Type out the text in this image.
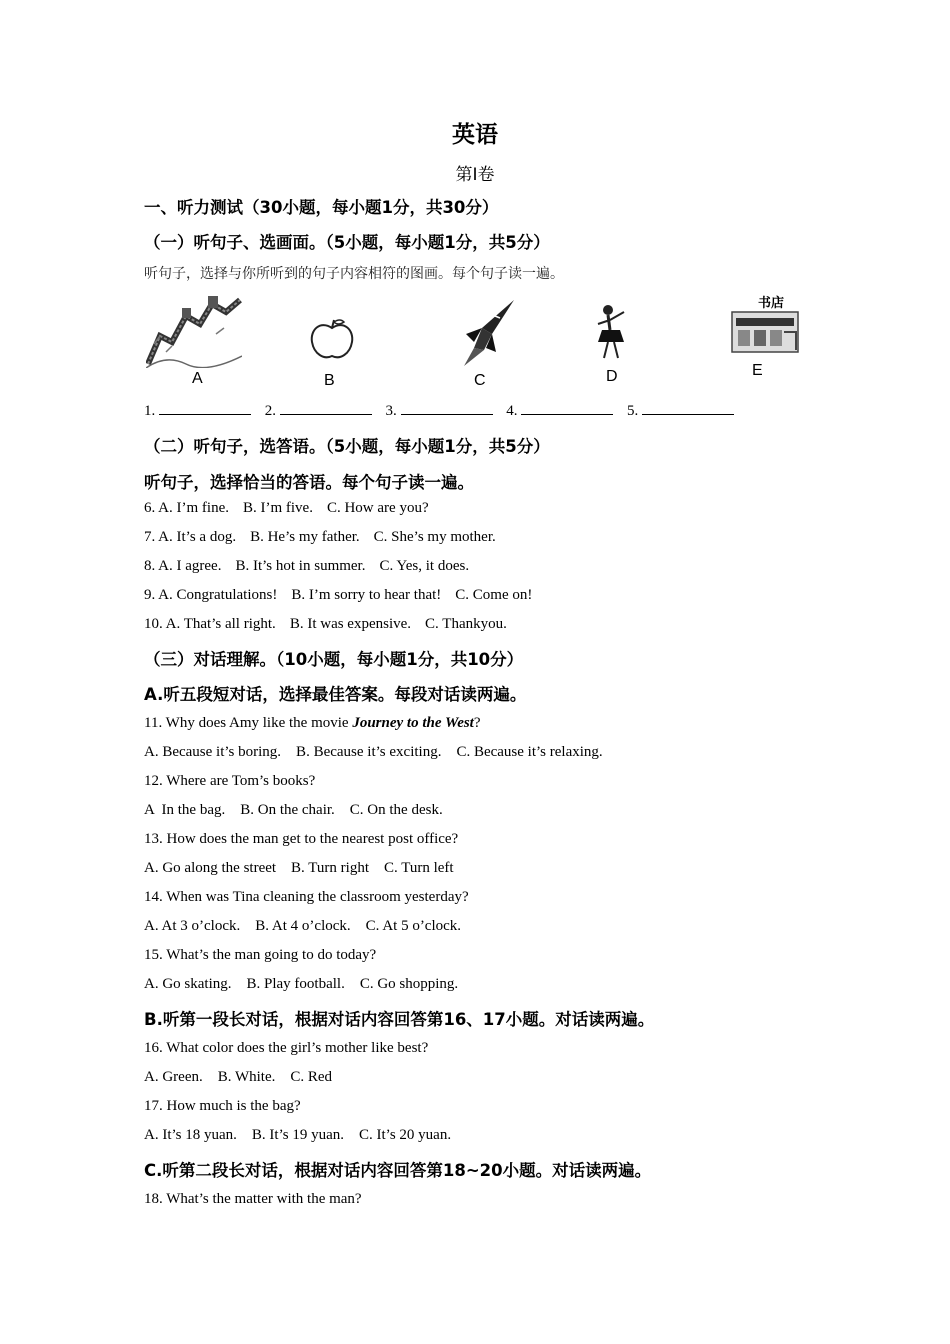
英语
第Ⅰ卷
一、听力测试（30小题，每小题1分，共30分）
（一）听句子、选画面。（5小题，每小题1分，共5分）
听句子，选择与你所听到的句子内容相符的图画。每个句子读一遍。
A	B	C	D
书店
E
1.	2.	3.	4.	5.
（二）听句子，选答语。（5小题，每小题1分，共5分）
听句子，选择恰当的答语。每个句子读一遍。
6. A. I’m fine. B. I’m five. C. How are you?
7. A. It’s a dog. B. He’s my father. C. She’s my mother.
8. A. I agree. B. It’s hot in summer. C. Yes, it does.
9. A. Congratulations! B. I’m sorry to hear that! C. Come on!
10. A. That’s all right. B. It was expensive. C. Thankyou.
（三）对话理解。（10小题，每小题1分，共10分）
A.听五段短对话，选择最佳答案。每段对话读两遍。
11. Why does Amy like the movie Journey to the West?
A. Because it’s boring.    B. Because it’s exciting.    C. Because it’s relaxing.
12. Where are Tom’s books?
A  In the bag.    B. On the chair.    C. On the desk.
13. How does the man get to the nearest post office?
A. Go along the street    B. Turn right    C. Turn left
14. When was Tina cleaning the classroom yesterday?
A. At 3 o’clock.    B. At 4 o’clock.    C. At 5 o’clock.
15. What’s the man going to do today?
A. Go skating.    B. Play football.    C. Go shopping.
B.听第一段长对话，根据对话内容回答第16、17小题。对话读两遍。
16. What color does the girl’s mother like best?
A. Green.    B. White.    C. Red
17. How much is the bag?
A. It’s 18 yuan.    B. It’s 19 yuan.    C. It’s 20 yuan.
C.听第二段长对话，根据对话内容回答第18~20小题。对话读两遍。
18. What’s the matter with the man?
